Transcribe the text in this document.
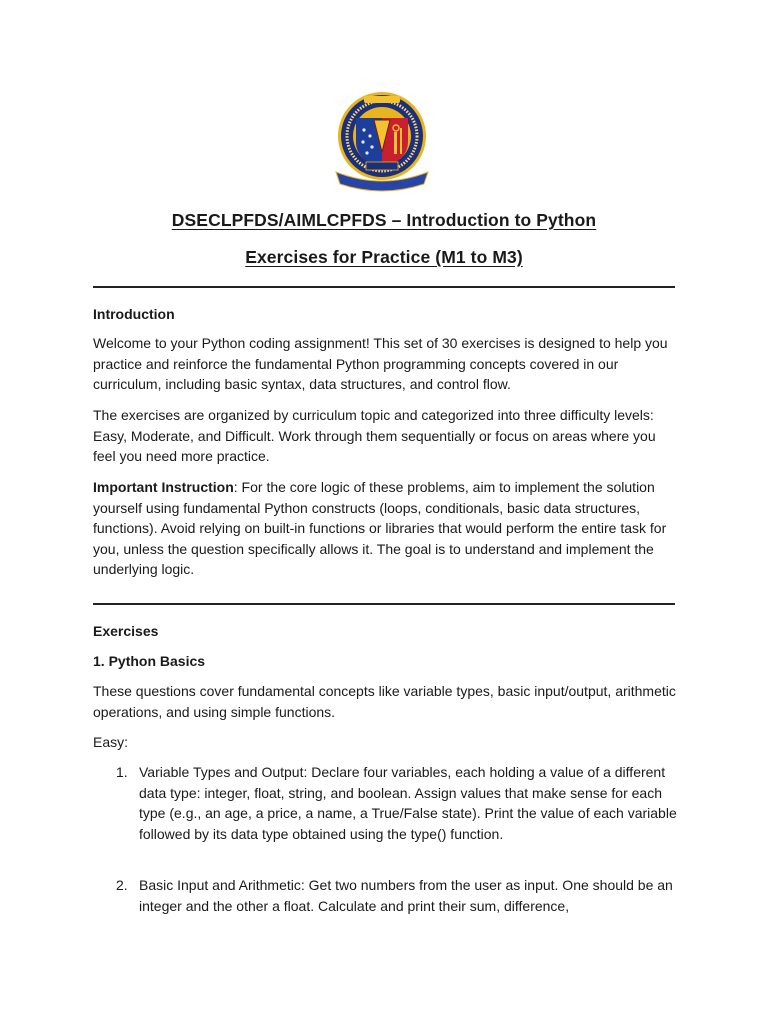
DSECLPFDS/AIMLCPFDS – Introduction to Python
Exercises for Practice (M1 to M3)
Introduction
Welcome to your Python coding assignment! This set of 30 exercises is designed to help you practice and reinforce the fundamental Python programming concepts covered in our curriculum, including basic syntax, data structures, and control flow.
The exercises are organized by curriculum topic and categorized into three difficulty levels: Easy, Moderate, and Difficult. Work through them sequentially or focus on areas where you feel you need more practice.
Important Instruction: For the core logic of these problems, aim to implement the solution yourself using fundamental Python constructs (loops, conditionals, basic data structures, functions). Avoid relying on built-in functions or libraries that would perform the entire task for you, unless the question specifically allows it. The goal is to understand and implement the underlying logic.
Exercises
1. Python Basics
These questions cover fundamental concepts like variable types, basic input/output, arithmetic operations, and using simple functions.
Easy:
1. Variable Types and Output: Declare four variables, each holding a value of a different data type: integer, float, string, and boolean. Assign values that make sense for each type (e.g., an age, a price, a name, a True/False state). Print the value of each variable followed by its data type obtained using the type() function.
2. Basic Input and Arithmetic: Get two numbers from the user as input. One should be an integer and the other a float. Calculate and print their sum, difference,
